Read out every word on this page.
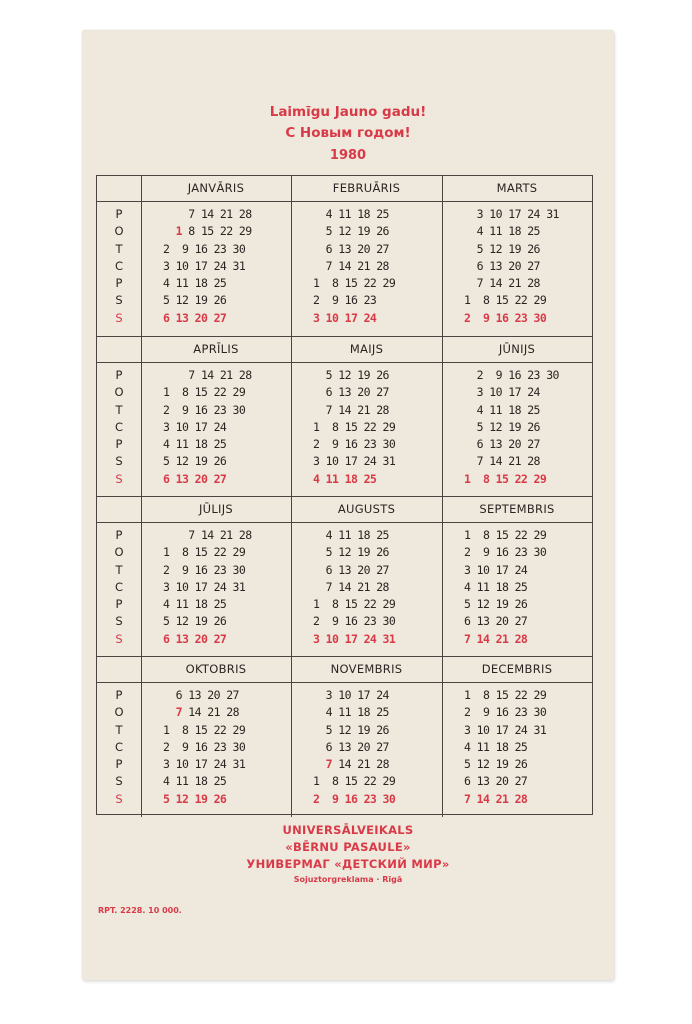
Laimīgu Jauno gadu!
С Новым годом!
1980
P
O
T
C
P
S
S
JANVĀRIS
7 14 21 28
1 8 15 22 29
2  9 16 23 30
3 10 17 24 31
4 11 18 25
5 12 19 26
6 13 20 27
FEBRUĀRIS
4 11 18 25
5 12 19 26
6 13 20 27
7 14 21 28
1  8 15 22 29
2  9 16 23
3 10 17 24
MARTS
3 10 17 24 31
4 11 18 25
5 12 19 26
6 13 20 27
7 14 21 28
1  8 15 22 29
2  9 16 23 30
P
O
T
C
P
S
S
APRĪLIS
7 14 21 28
1  8 15 22 29
2  9 16 23 30
3 10 17 24
4 11 18 25
5 12 19 26
6 13 20 27
MAIJS
5 12 19 26
6 13 20 27
7 14 21 28
1  8 15 22 29
2  9 16 23 30
3 10 17 24 31
4 11 18 25
JŪNIJS
2  9 16 23 30
3 10 17 24
4 11 18 25
5 12 19 26
6 13 20 27
7 14 21 28
1  8 15 22 29
P
O
T
C
P
S
S
JŪLIJS
7 14 21 28
1  8 15 22 29
2  9 16 23 30
3 10 17 24 31
4 11 18 25
5 12 19 26
6 13 20 27
AUGUSTS
4 11 18 25
5 12 19 26
6 13 20 27
7 14 21 28
1  8 15 22 29
2  9 16 23 30
3 10 17 24 31
SEPTEMBRIS
1  8 15 22 29
2  9 16 23 30
3 10 17 24
4 11 18 25
5 12 19 26
6 13 20 27
7 14 21 28
P
O
T
C
P
S
S
OKTOBRIS
6 13 20 27
7 14 21 28
1  8 15 22 29
2  9 16 23 30
3 10 17 24 31
4 11 18 25
5 12 19 26
NOVEMBRIS
3 10 17 24
4 11 18 25
5 12 19 26
6 13 20 27
7 14 21 28
1  8 15 22 29
2  9 16 23 30
DECEMBRIS
1  8 15 22 29
2  9 16 23 30
3 10 17 24 31
4 11 18 25
5 12 19 26
6 13 20 27
7 14 21 28
UNIVERSĀLVEIKALS
«BĒRNU PASAULE»
УНИВЕРМАГ «ДЕТСКИЙ МИР»
Sojuztorgreklama · Rīgā
RPT. 2228. 10 000.
